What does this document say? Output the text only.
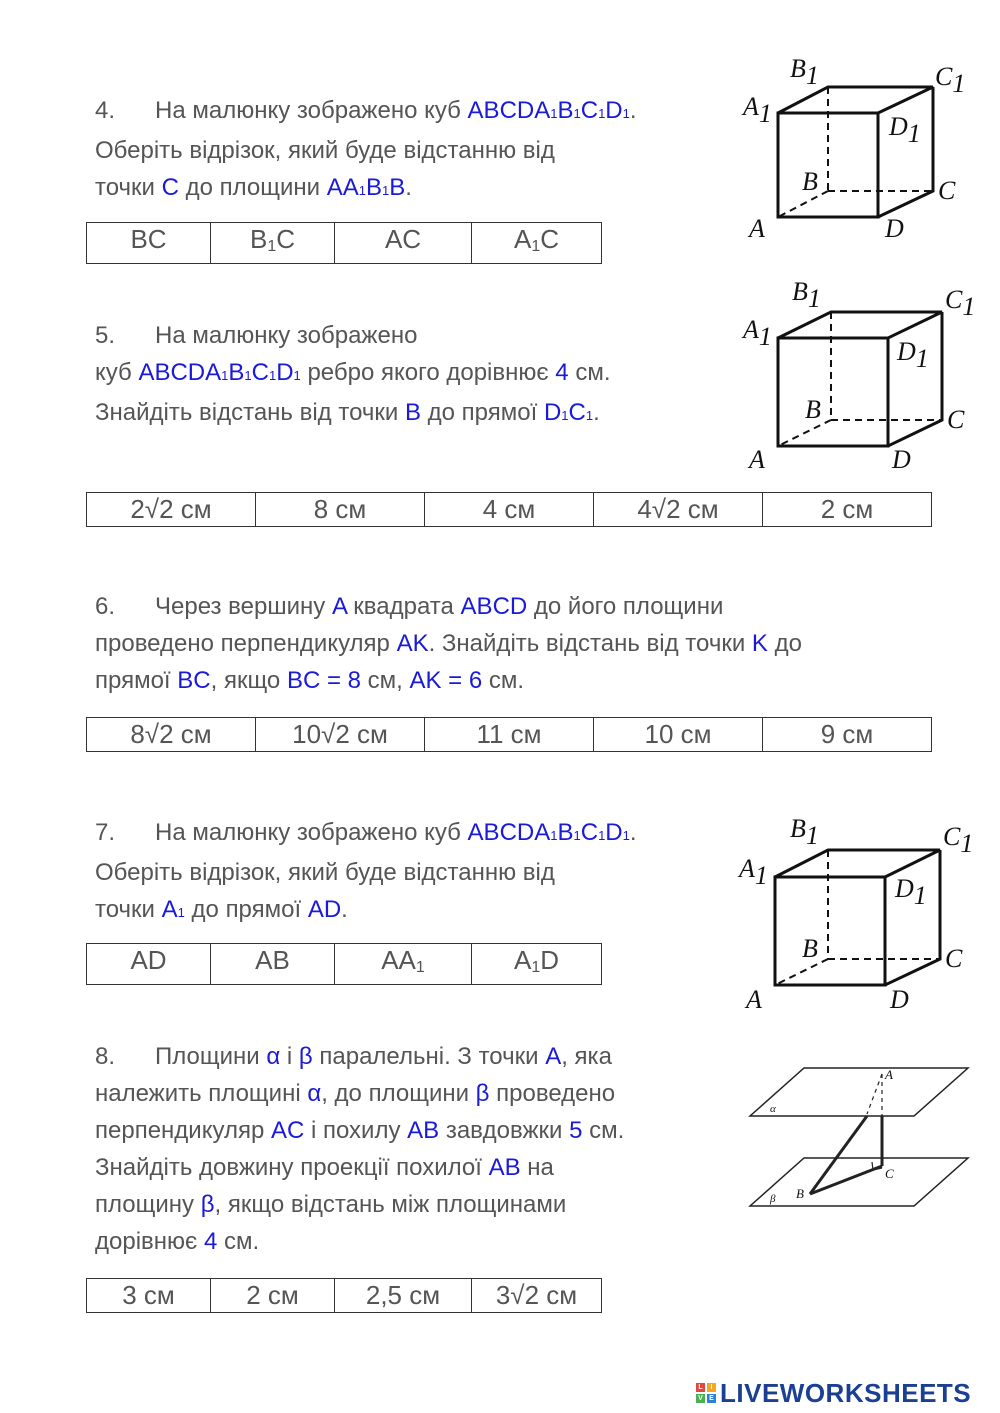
4. На малюнку зображено куб ABCDA1B1C1D1.
Оберіть відрізок, який буде відстанню від
точки C до площини AA1B1B.
BC	$B_1C$	AC	$A_1C$
A1
B1	C1
D1
B	C
A	D
5. На малюнку зображено
куб ABCDA1B1C1D1 ребро якого дорівнює 4 см.
Знайдіть відстань від точки B до прямої D1C1.
2√2 см	8 см	4 см	4√2 см	2 см
A1
B1	C1
D1
B	C
A	D
6. Через вершину A квадрата ABCD до його площини
проведено перпендикуляр AK. Знайдіть відстань від точки K до
прямої BC, якщо BC = 8 см, AK = 6 см.
8√2 см	10√2 см	11 см	10 см	9 см
7. На малюнку зображено куб ABCDA1B1C1D1.
Оберіть відрізок, який буде відстанню від
точки A1 до прямої AD.
AD	AB	$AA_1$	$A_1D$
A1
B1	C1
D1
B	C
A	D
8. Площини α і β паралельні. З точки A, яка
належить площині α, до площини β проведено
перпендикуляр AC і похилу AB завдовжки 5 см.
Знайдіть довжину проекції похилої AB на
площину β, якщо відстань між площинами
дорівнює 4 см.
3 см	2 см	2,5 см	3√2 см
A
C
B
α
β
L	I
V E LIVEWORKSHEETS
